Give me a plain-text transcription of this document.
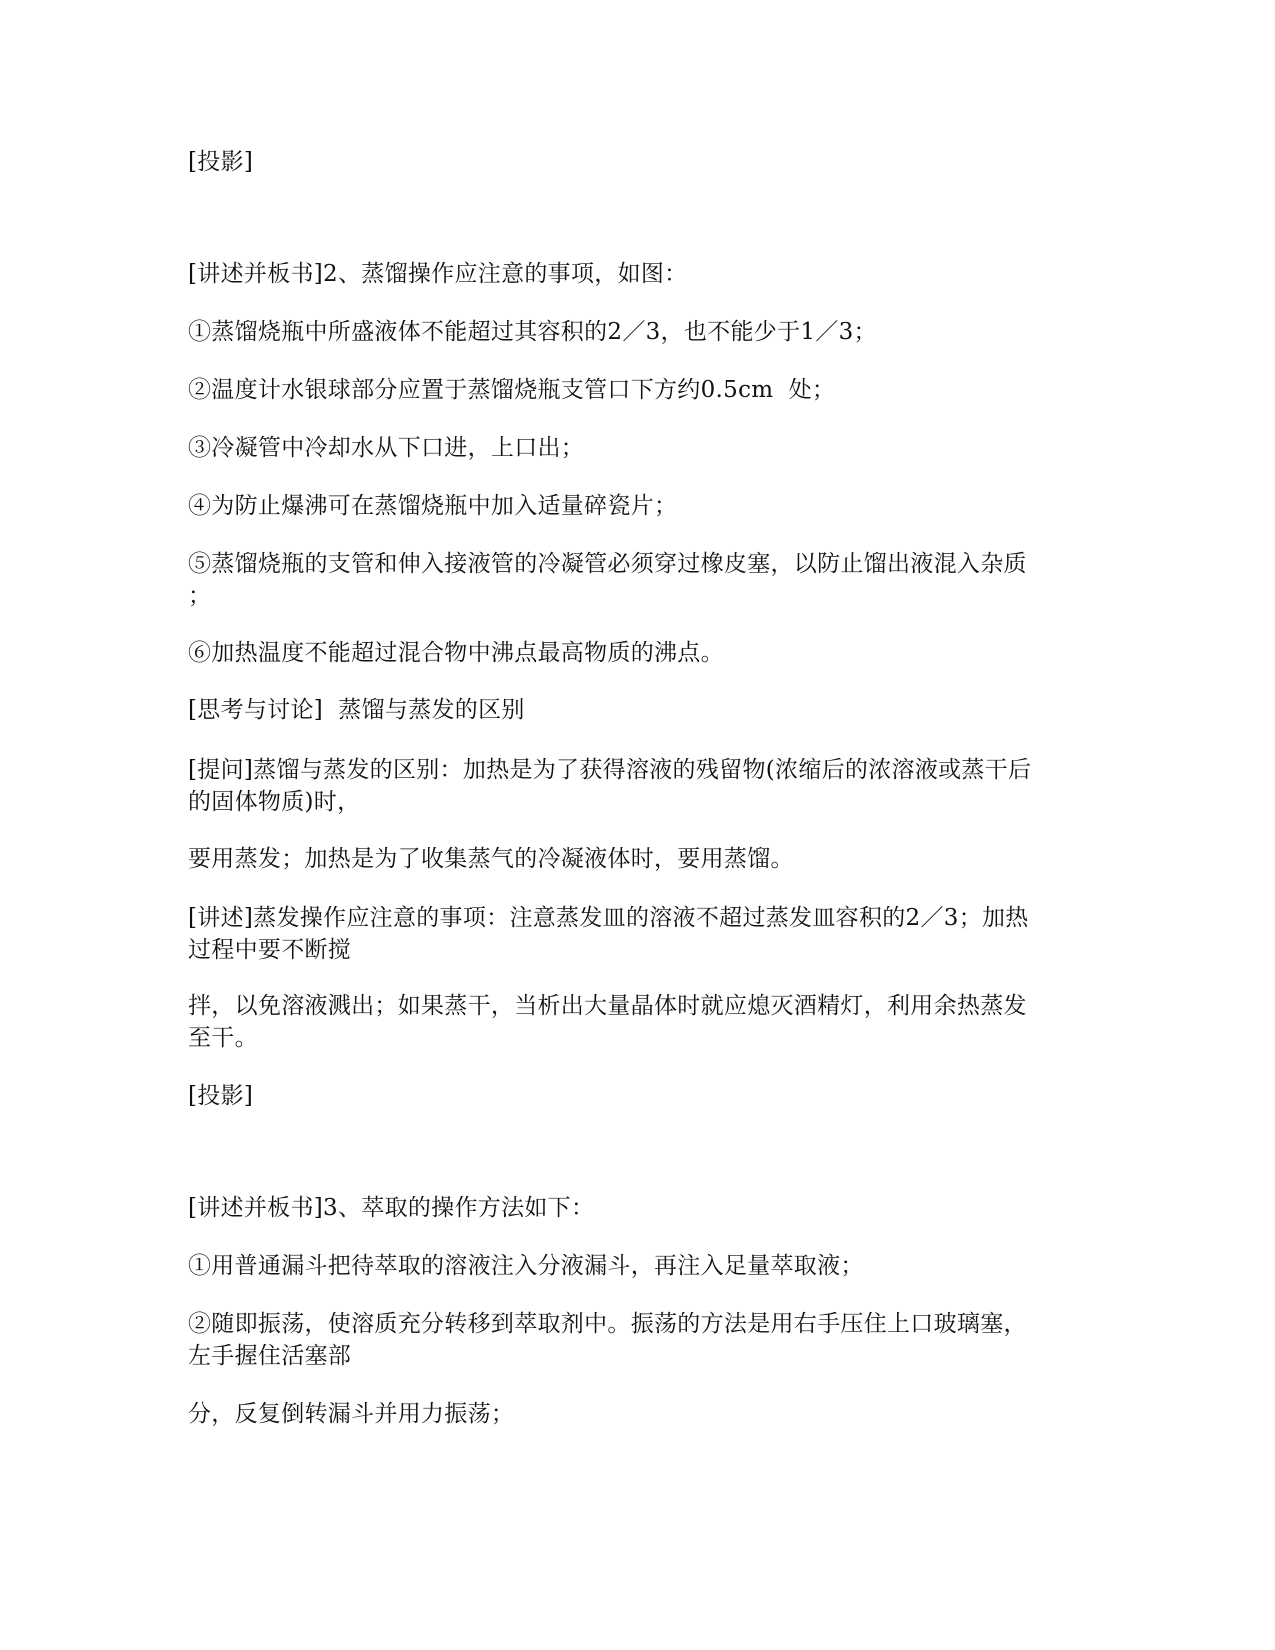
[投影]
[讲述并板书]2、蒸馏操作应注意的事项，如图：
①蒸馏烧瓶中所盛液体不能超过其容积的2／3，也不能少于1／3；
②温度计水银球部分应置于蒸馏烧瓶支管口下方约0.5cm  处；
③冷凝管中冷却水从下口进，上口出；
④为防止爆沸可在蒸馏烧瓶中加入适量碎瓷片；
⑤蒸馏烧瓶的支管和伸入接液管的冷凝管必须穿过橡皮塞，以防止馏出液混入杂质
；
⑥加热温度不能超过混合物中沸点最高物质的沸点。
[思考与讨论]  蒸馏与蒸发的区别
[提问]蒸馏与蒸发的区别：加热是为了获得溶液的残留物(浓缩后的浓溶液或蒸干后
的固体物质)时，
要用蒸发；加热是为了收集蒸气的冷凝液体时，要用蒸馏。
[讲述]蒸发操作应注意的事项：注意蒸发皿的溶液不超过蒸发皿容积的2／3；加热
过程中要不断搅
拌，以免溶液溅出；如果蒸干，当析出大量晶体时就应熄灭酒精灯，利用余热蒸发
至干。
[投影]
[讲述并板书]3、萃取的操作方法如下：
①用普通漏斗把待萃取的溶液注入分液漏斗，再注入足量萃取液；
②随即振荡，使溶质充分转移到萃取剂中。振荡的方法是用右手压住上口玻璃塞，
左手握住活塞部
分，反复倒转漏斗并用力振荡；
